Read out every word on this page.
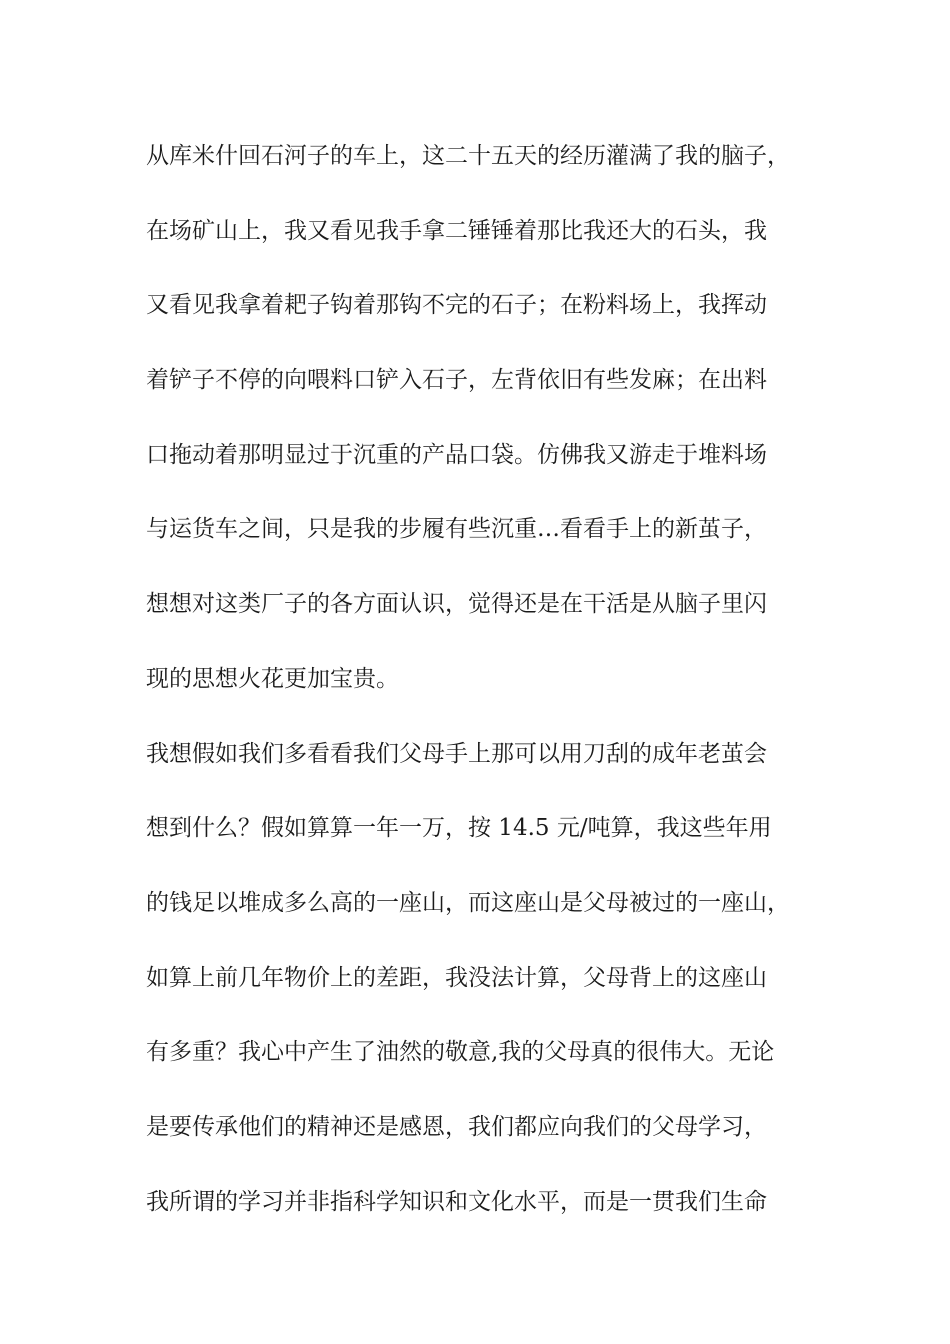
从库米什回石河子的车上，这二十五天的经历灌满了我的脑子，
在场矿山上，我又看见我手拿二锤锤着那比我还大的石头，我
又看见我拿着耙子钩着那钩不完的石子；在粉料场上，我挥动
着铲子不停的向喂料口铲入石子，左背依旧有些发麻；在出料
口拖动着那明显过于沉重的产品口袋。仿佛我又游走于堆料场
与运货车之间，只是我的步履有些沉重…看看手上的新茧子，
想想对这类厂子的各方面认识，觉得还是在干活是从脑子里闪
现的思想火花更加宝贵。
我想假如我们多看看我们父母手上那可以用刀刮的成年老茧会
想到什么？假如算算一年一万，按 14.5 元/吨算，我这些年用
的钱足以堆成多么高的一座山，而这座山是父母被过的一座山，
如算上前几年物价上的差距，我没法计算，父母背上的这座山
有多重？我心中产生了油然的敬意,我的父母真的很伟大。无论
是要传承他们的精神还是感恩，我们都应向我们的父母学习，
我所谓的学习并非指科学知识和文化水平，而是一贯我们生命
